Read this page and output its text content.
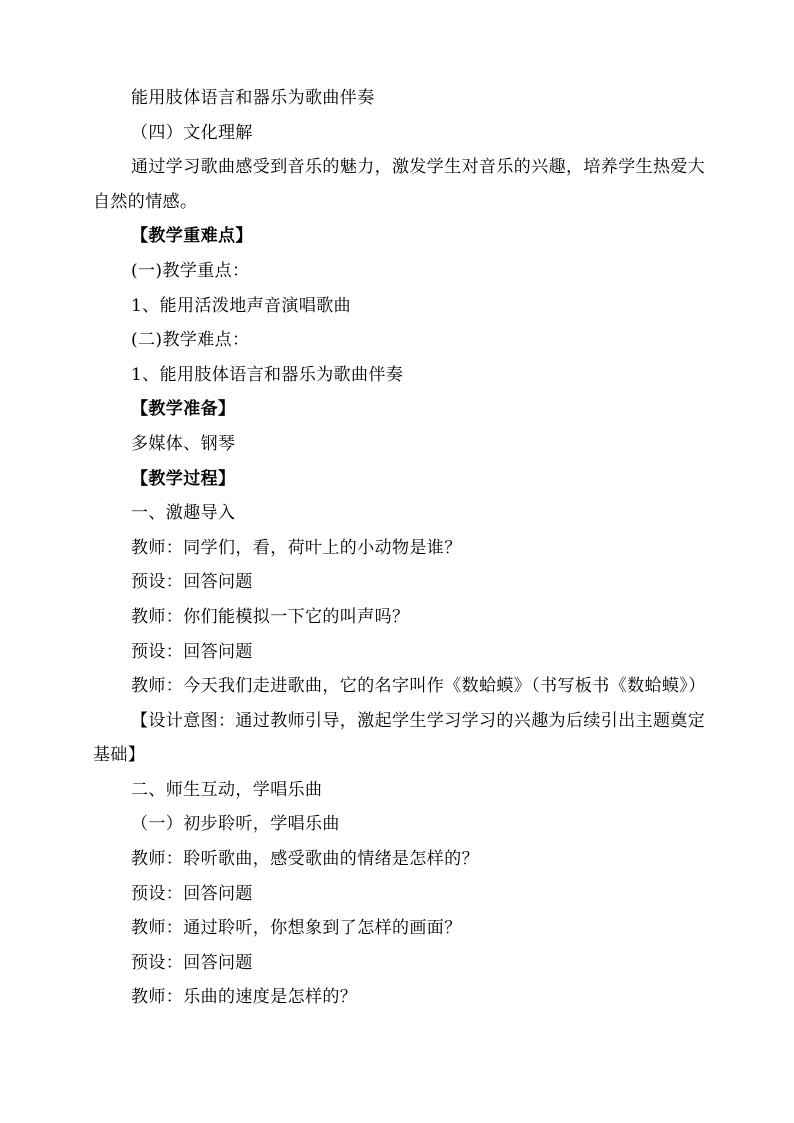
能用肢体语言和器乐为歌曲伴奏
（四）文化理解
通过学习歌曲感受到音乐的魅力，激发学生对音乐的兴趣，培养学生热爱大自然的情感。
【教学重难点】
(一)教学重点：
1、能用活泼地声音演唱歌曲
(二)教学难点：
1、能用肢体语言和器乐为歌曲伴奏
【教学准备】
多媒体、钢琴
【教学过程】
一、激趣导入
教师：同学们，看，荷叶上的小动物是谁？
预设：回答问题
教师：你们能模拟一下它的叫声吗？
预设：回答问题
教师：今天我们走进歌曲，它的名字叫作《数蛤蟆》（书写板书《数蛤蟆》）
【设计意图：通过教师引导，激起学生学习学习的兴趣为后续引出主题奠定基础】
二、师生互动，学唱乐曲
（一）初步聆听，学唱乐曲
教师：聆听歌曲，感受歌曲的情绪是怎样的？
预设：回答问题
教师：通过聆听，你想象到了怎样的画面？
预设：回答问题
教师：乐曲的速度是怎样的？
